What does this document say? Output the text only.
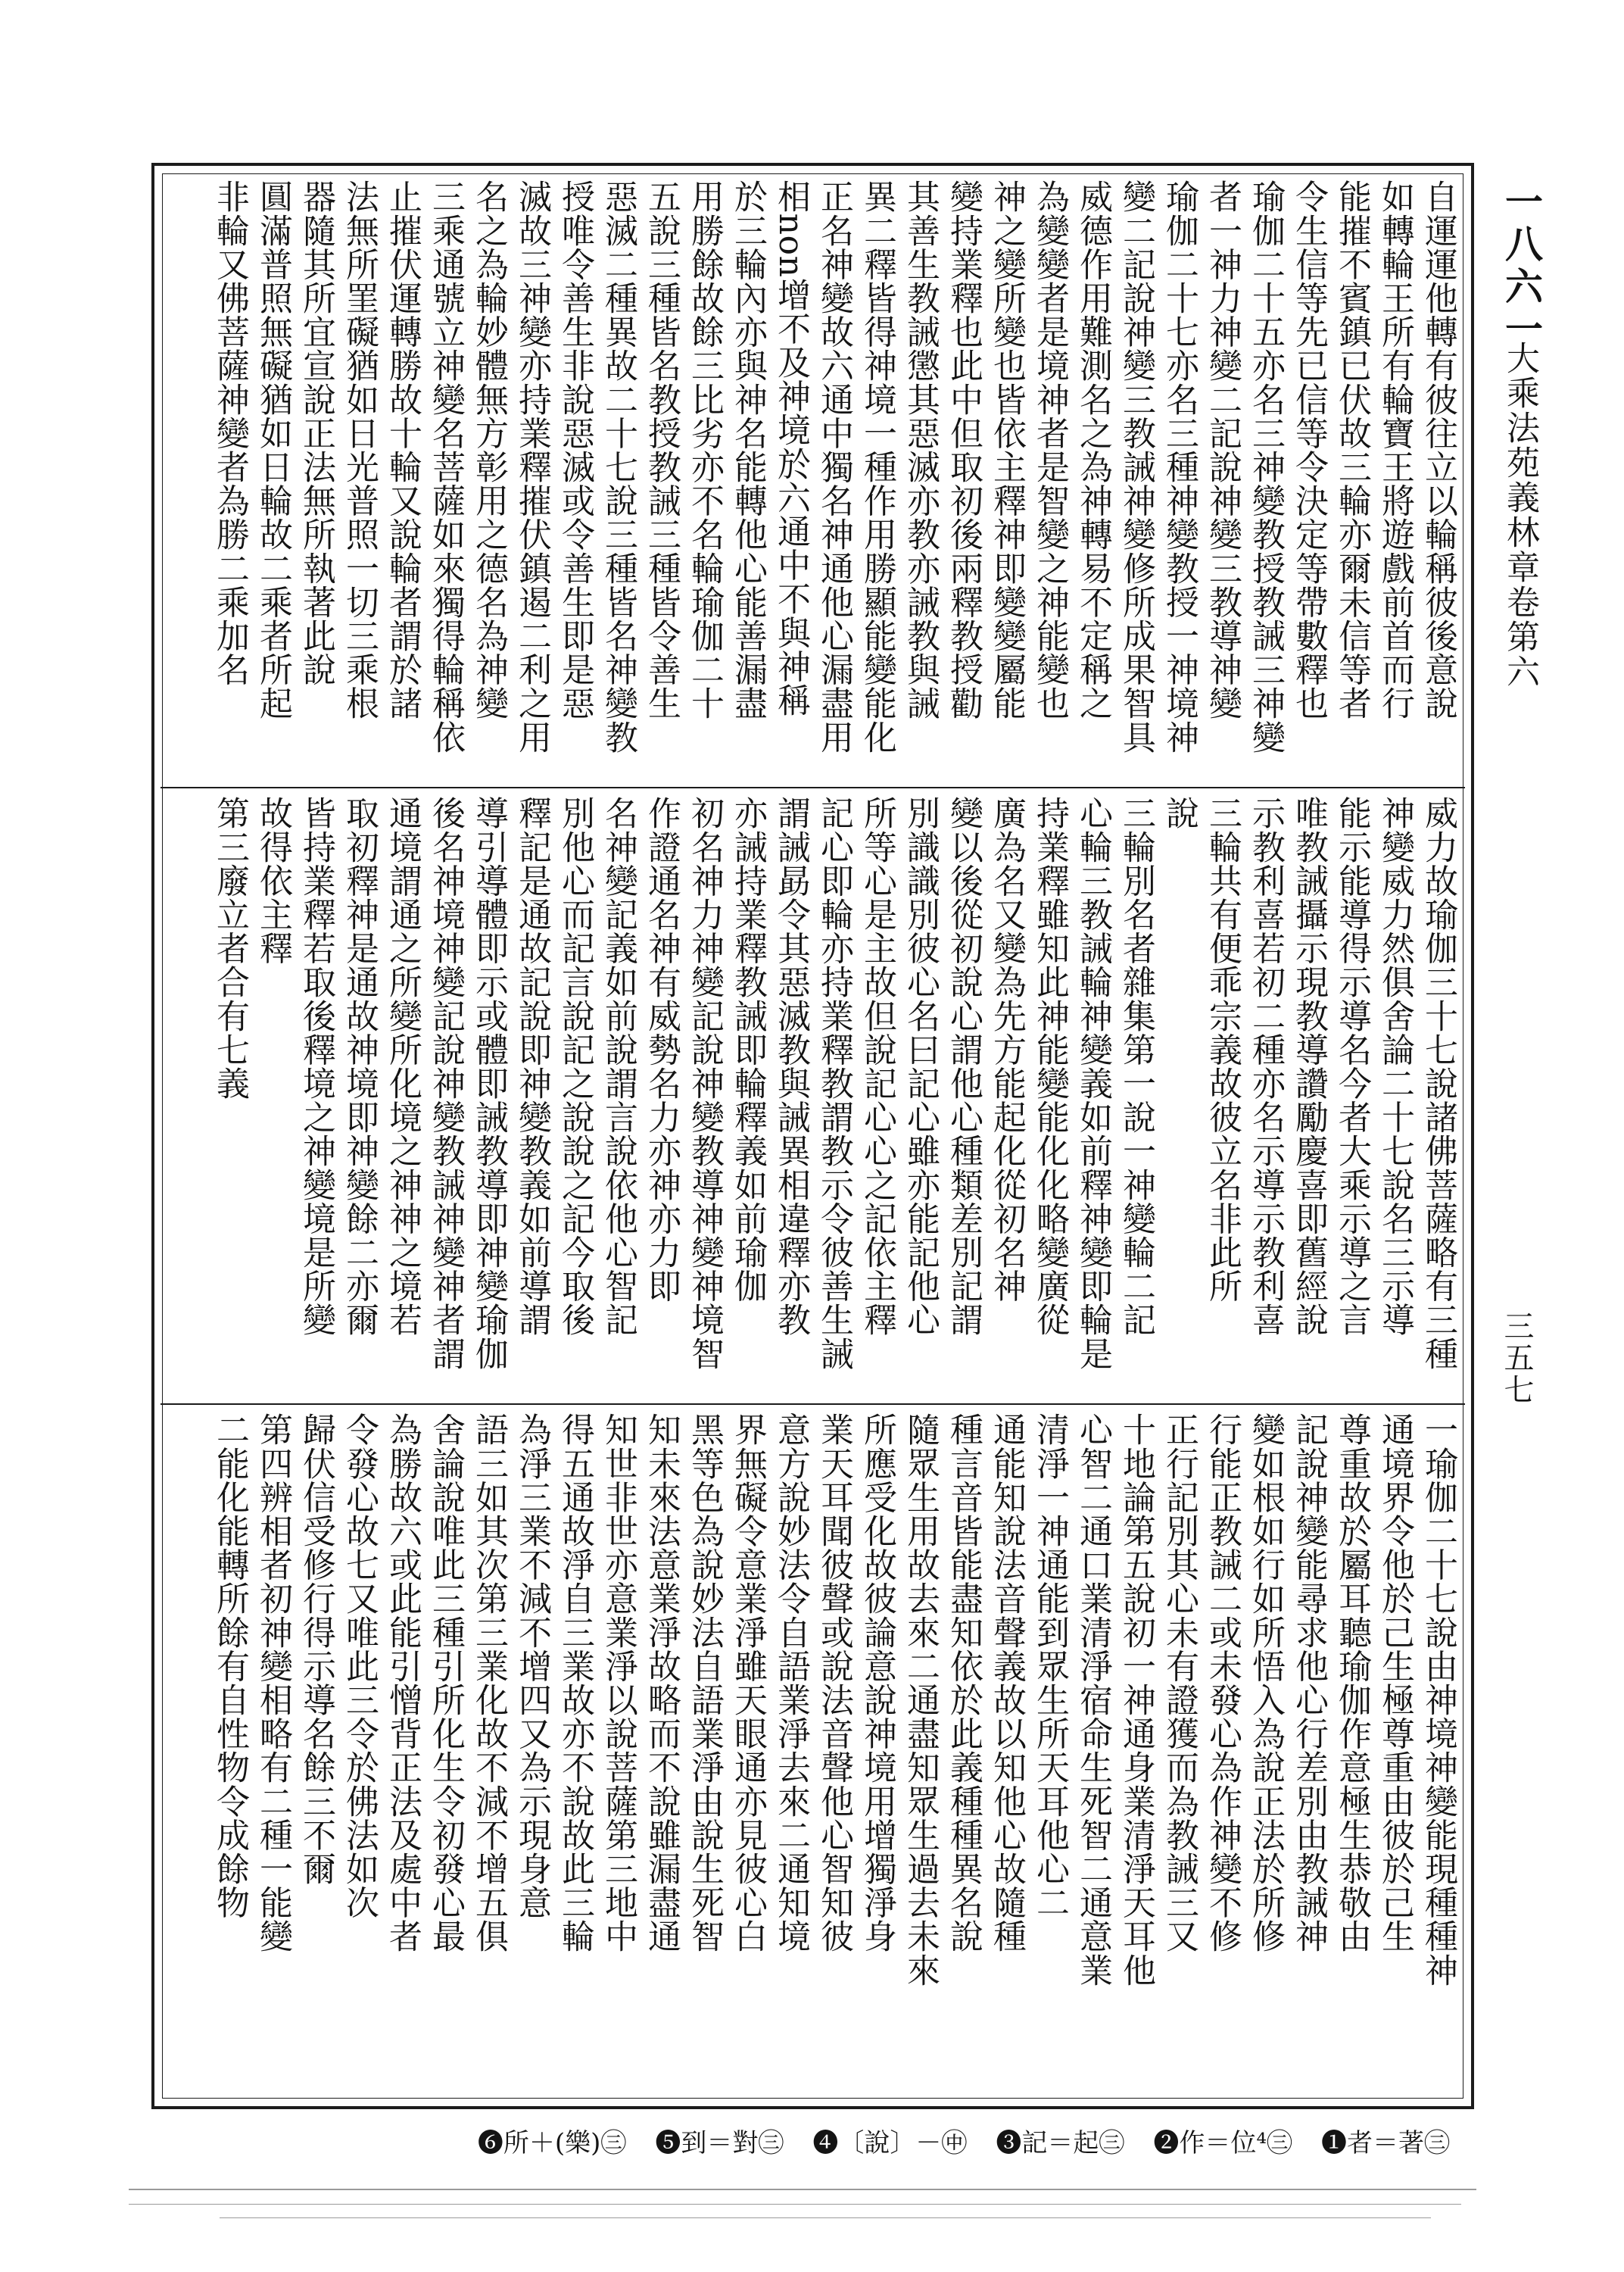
自運運他轉有彼往立以輪稱彼後意說
如轉輪王所有輪寶王將遊戲前首而行
能摧不賓鎮已伏故三輪亦爾未信等者
令生信等先已信等令決定等帶數釋也
瑜伽二十五亦名三神變教授教誡三神變
者一神力神變二記說神變三教導神變
瑜伽二十七亦名三種神變教授一神境神
變二記說神變三教誡神變修所成果智具
威德作用難測名之為神轉易不定稱之
為變變者是境神者是智變之神能變也
神之變所變也皆依主釋神即變變屬能
變持業釋也此中但取初後兩釋教授勸
其善生教誡懲其惡滅亦教亦誡教與誡
異二釋皆得神境一種作用勝顯能變能化
正名神變故六通中獨名神通他心漏盡用
相non增不及神境於六通中不與神稱
於三輪內亦與神名能轉他心能善漏盡
用勝餘故餘三比劣亦不名輪瑜伽二十
五說三種皆名教授教誡三種皆令善生
惡滅二種異故二十七說三種皆名神變教
授唯令善生非說惡滅或令善生即是惡
滅故三神變亦持業釋摧伏鎮遏二利之用
名之為輪妙體無方彰用之德名為神變
三乘通號立神變名菩薩如來獨得輪稱依
止摧伏運轉勝故十輪又說輪者謂於諸
法無所罣礙猶如日光普照一切三乘根
器隨其所宜宣說正法無所執著此說
圓滿普照無礙猶如日輪故二乘者所起
非輪又佛菩薩神變者為勝二乘加名
威力故瑜伽三十七說諸佛菩薩略有三種
神變威力然俱舍論二十七說名三示導
能示能導得示導名今者大乘示導之言
唯教誡攝示現教導讚勵慶喜即舊經說
示教利喜若初二種亦名示導示教利喜
三輪共有便乖宗義故彼立名非此所
說
三輪別名者雜集第一說一神變輪二記
心輪三教誡輪神變義如前釋神變即輪是
持業釋雖知此神能變能化化略變廣從
廣為名又變為先方能起化從初名神
變以後從初說心謂他心種類差別記謂
別識識別彼心名曰記心雖亦能記他心
所等心是主故但說記心心之記依主釋
記心即輪亦持業釋教謂教示令彼善生誡
謂誡勗令其惡滅教與誡異相違釋亦教
亦誡持業釋教誡即輪釋義如前瑜伽
初名神力神變記說神變教導神變神境智
作證通名神有威勢名力亦神亦力即
名神變記義如前說謂言說依他心智記
別他心而記言說記之說說之記今取後
釋記是通故記說即神變教義如前導謂
導引導體即示或體即誡教導即神變瑜伽
後名神境神變記說神變教誡神變神者謂
通境謂通之所變所化境之神神之境若
取初釋神是通故神境即神變餘二亦爾
皆持業釋若取後釋境之神變境是所變
故得依主釋
第三廢立者合有七義
一瑜伽二十七說由神境神變能現種種神
通境界令他於己生極尊重由彼於己生
尊重故於屬耳聽瑜伽作意極生恭敬由
記說神變能尋求他心行差別由教誡神
變如根如行如所悟入為說正法於所修
行能正教誡二或未發心為作神變不修
正行記別其心未有證獲而為教誡三又
十地論第五說初一神通身業清淨天耳他
心智二通口業清淨宿命生死智二通意業
清淨一神通能到眾生所天耳他心二
通能知說法音聲義故以知他心故隨種
種言音皆能盡知依於此義種種異名說
隨眾生用故去來二通盡知眾生過去未來
所應受化故彼論意說神境用增獨淨身
業天耳聞彼聲或說法音聲他心智知彼
意方說妙法令自語業淨去來二通知境
界無礙令意業淨雖天眼通亦見彼心白
黑等色為說妙法自語業淨由說生死智
知未來法意業淨故略而不說雖漏盡通
知世非世亦意業淨以說菩薩第三地中
得五通故淨自三業故亦不說故此三輪
為淨三業不減不增四又為示現身意
語三如其次第三業化故不減不增五俱
舍論說唯此三種引所化生令初發心最
為勝故六或此能引憎背正法及處中者
令發心故七又唯此三令於佛法如次
歸伏信受修行得示導名餘三不爾
第四辨相者初神變相略有二種一能變
二能化能轉所餘有自性物令成餘物
一八六一
大乘法苑義林章卷第六
三五七
❶者＝著㊂
❷作＝位⁴㊂
❸記＝起㊂
❹〔說〕－㊥
❺到＝對㊂
❻所＋(樂)㊂
